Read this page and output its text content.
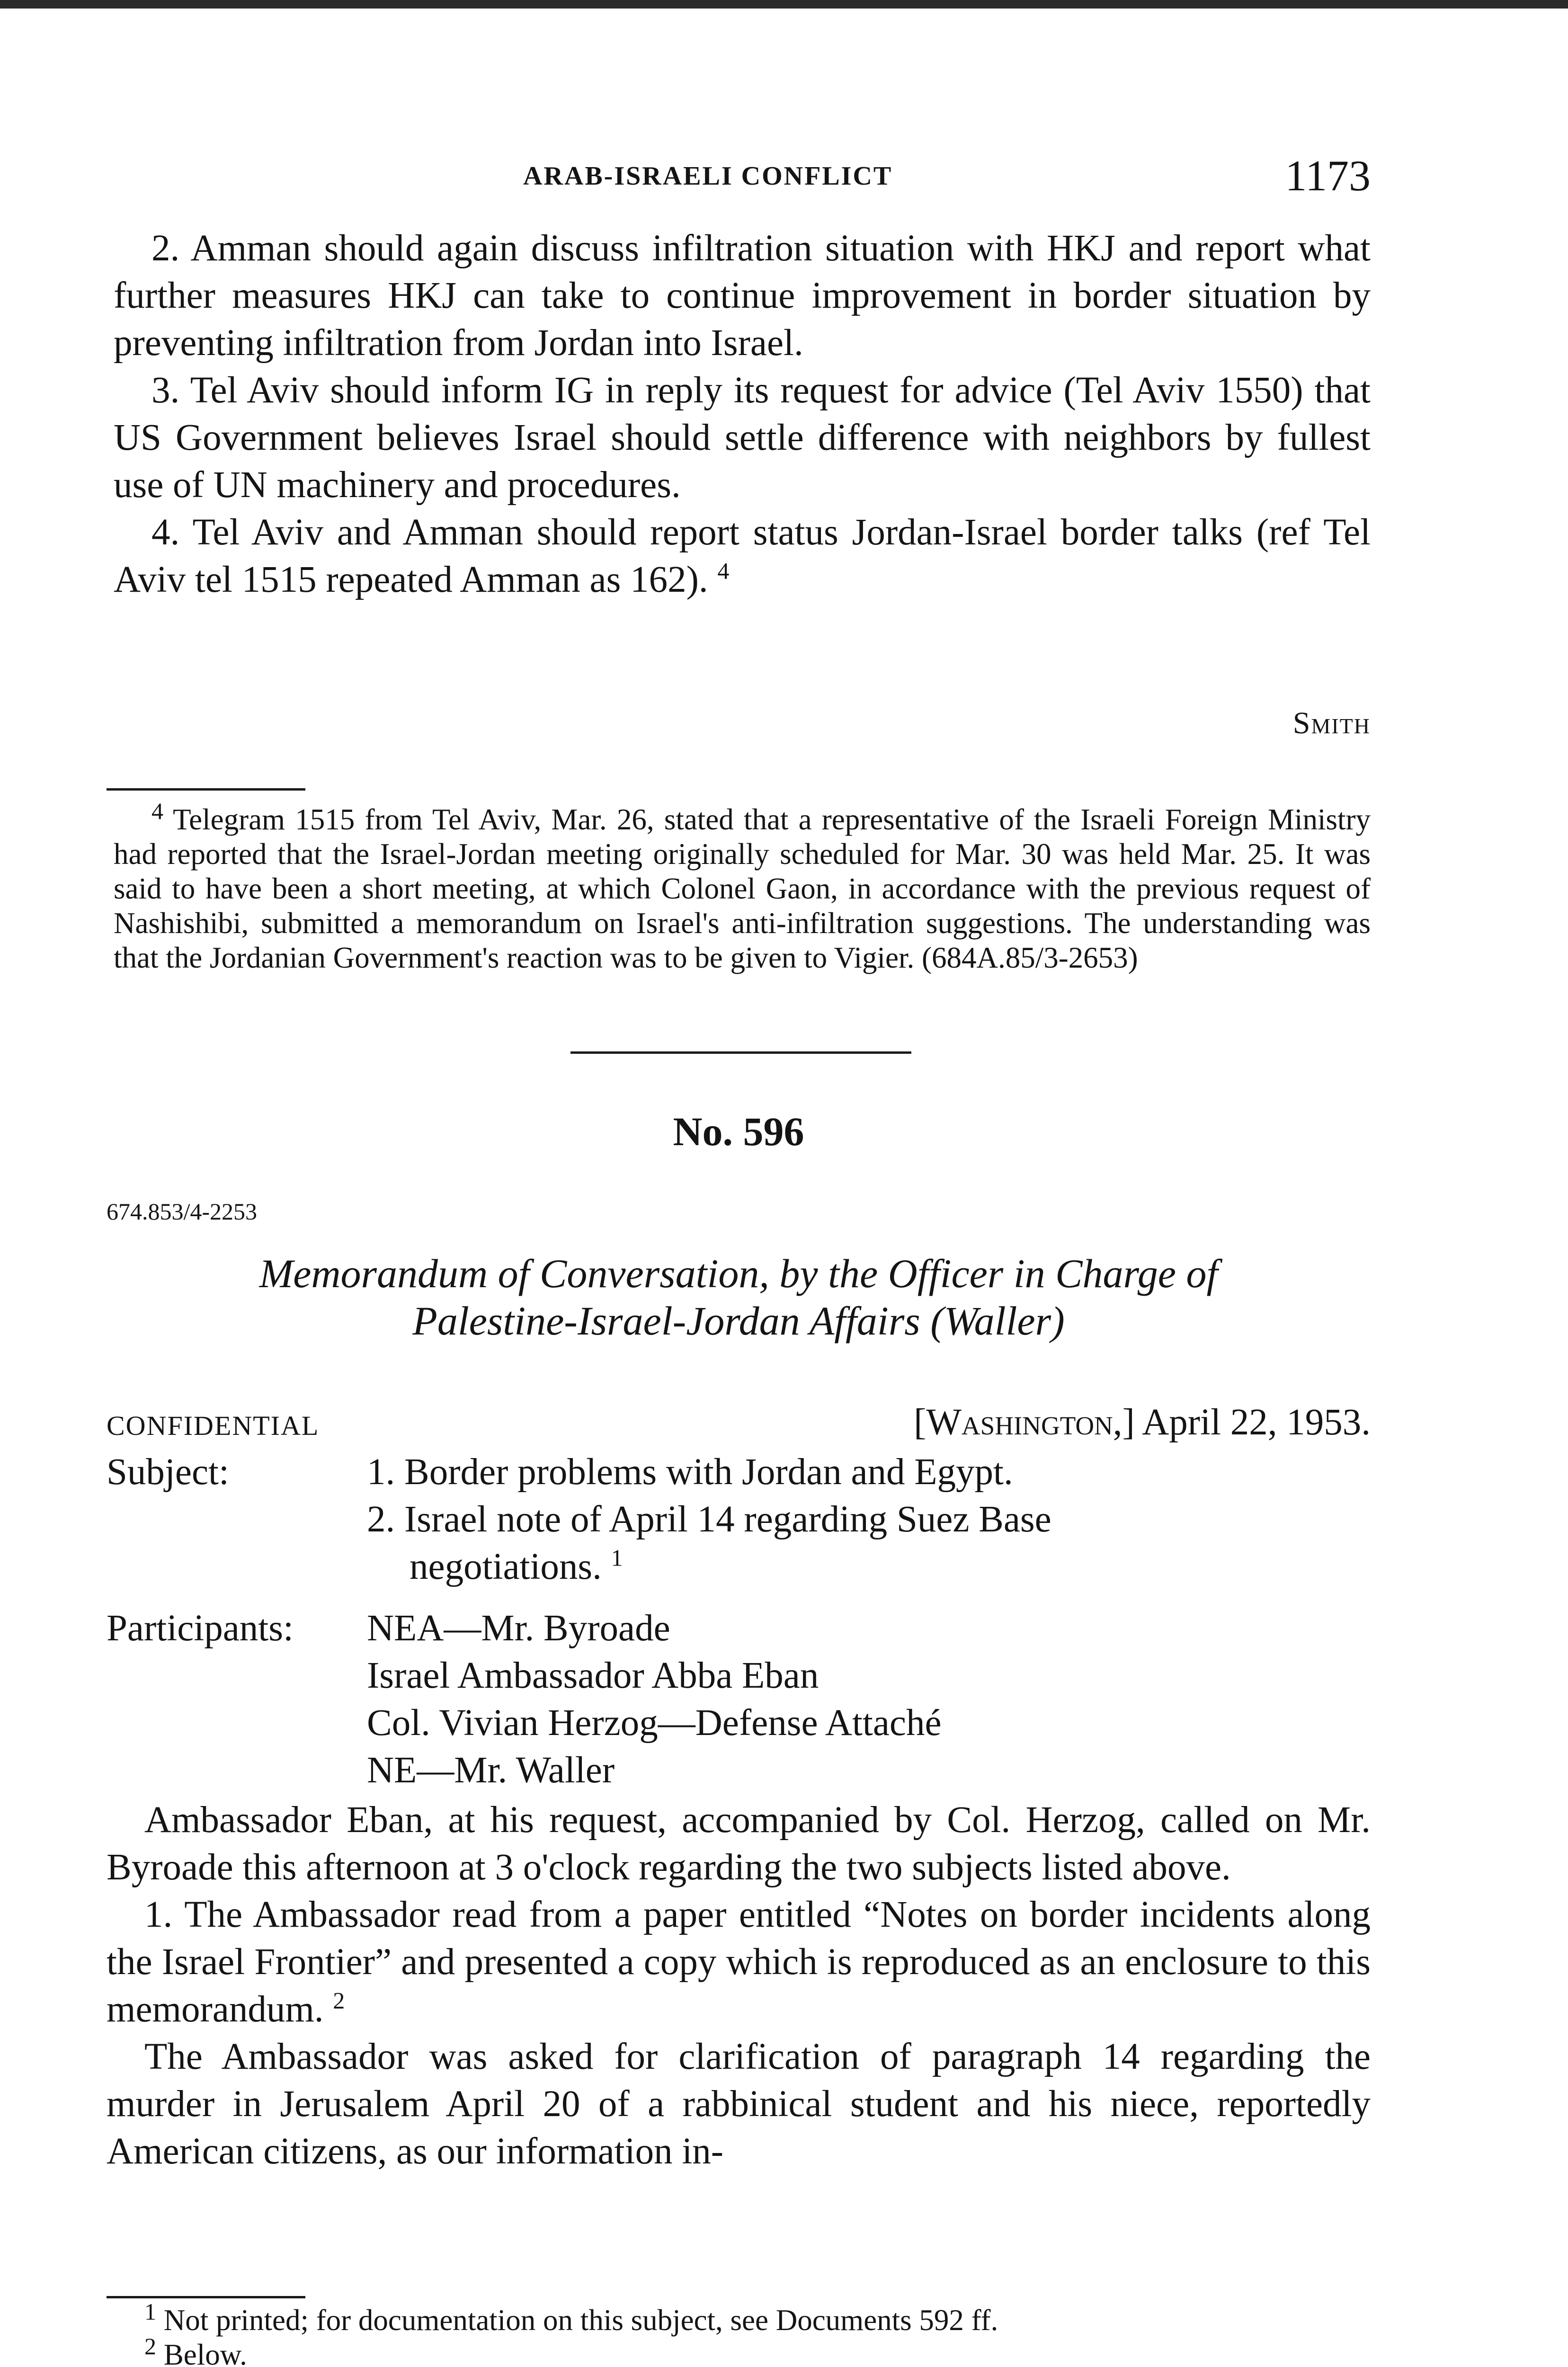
ARAB-ISRAELI CONFLICT	1173

2. Amman should again discuss infiltration situation with HKJ and report what further measures HKJ can take to continue improvement in border situation by preventing infiltration from Jordan into Israel.

3. Tel Aviv should inform IG in reply its request for advice (Tel Aviv 1550) that US Government believes Israel should settle difference with neighbors by fullest use of UN machinery and procedures.

4. Tel Aviv and Amman should report status Jordan-Israel border talks (ref Tel Aviv tel 1515 repeated Amman as 162). $^4$

Smith

$^4$ Telegram 1515 from Tel Aviv, Mar. 26, stated that a representative of the Israeli Foreign Ministry had reported that the Israel-Jordan meeting originally scheduled for Mar. 30 was held Mar. 25. It was said to have been a short meeting, at which Colonel Gaon, in accordance with the previous request of Nashishibi, submitted a memorandum on Israel's anti-infiltration suggestions. The understanding was that the Jordanian Government's reaction was to be given to Vigier. (684A.85/3-2653)

No. 596
674.853/4-2253
Memorandum of Conversation, by the Officer in Charge of
Palestine-Israel-Jordan Affairs (Waller)
CONFIDENTIAL	[Washington,] April 22, 1953.
Subject:	1. Border problems with Jordan and Egypt.
2. Israel note of April 14 regarding Suez Base
negotiations. $^1$
Participants: NEA—Mr. Byroade
Israel Ambassador Abba Eban
Col. Vivian Herzog—Defense Attaché
NE—Mr. Waller

Ambassador Eban, at his request, accompanied by Col. Herzog, called on Mr. Byroade this afternoon at 3 o'clock regarding the two subjects listed above.

1. The Ambassador read from a paper entitled “Notes on border incidents along the Israel Frontier” and presented a copy which is reproduced as an enclosure to this memorandum. $^2$

The Ambassador was asked for clarification of paragraph 14 regarding the murder in Jerusalem April 20 of a rabbinical student and his niece, reportedly American citizens, as our information in-

$^1$ Not printed; for documentation on this subject, see Documents 592 ff.

$^2$ Below.
